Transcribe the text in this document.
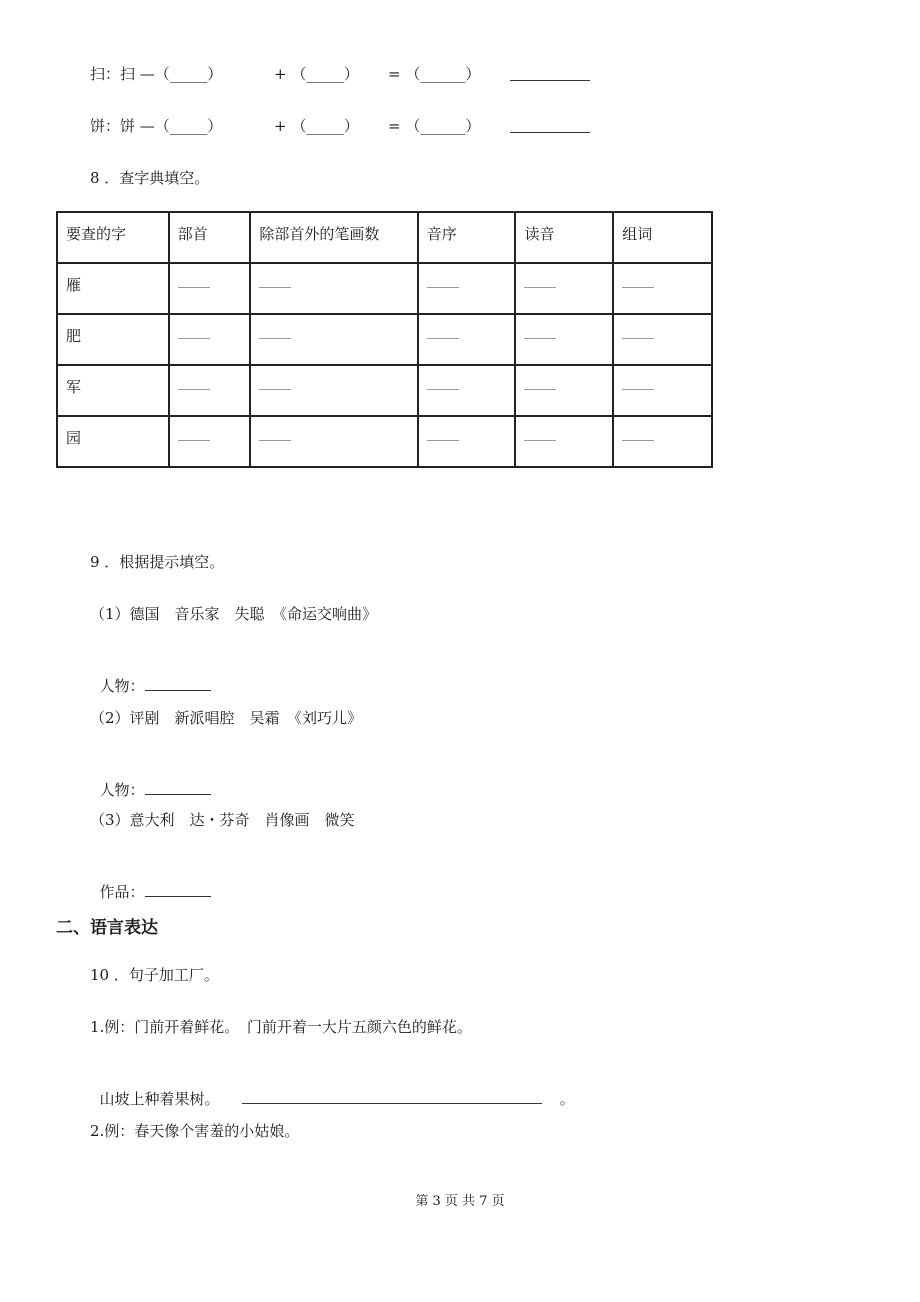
扫：扫 —（_____）	+ （_____） = （______）
饼：饼 —（_____）	+ （_____） = （______）
8 ．查字典填空。
要查的字	部首	除部首外的笔画数	音序	读音	组词
雁					
肥					
军					
园					
9 ．根据提示填空。
（1）德国　音乐家　失聪　《命运交响曲》

人物：

（2）评剧　新派唱腔　吴霜　《刘巧儿》

人物：

（3）意大利　达・芬奇　肖像画　微笑

作品：

二、语言表达
10 ．句子加工厂。
1.例：门前开着鲜花。　门前开着一大片五颜六色的鲜花。

山坡上种着果树。	。

2.例：春天像个害羞的小姑娘。
第 3 页 共 7 页
